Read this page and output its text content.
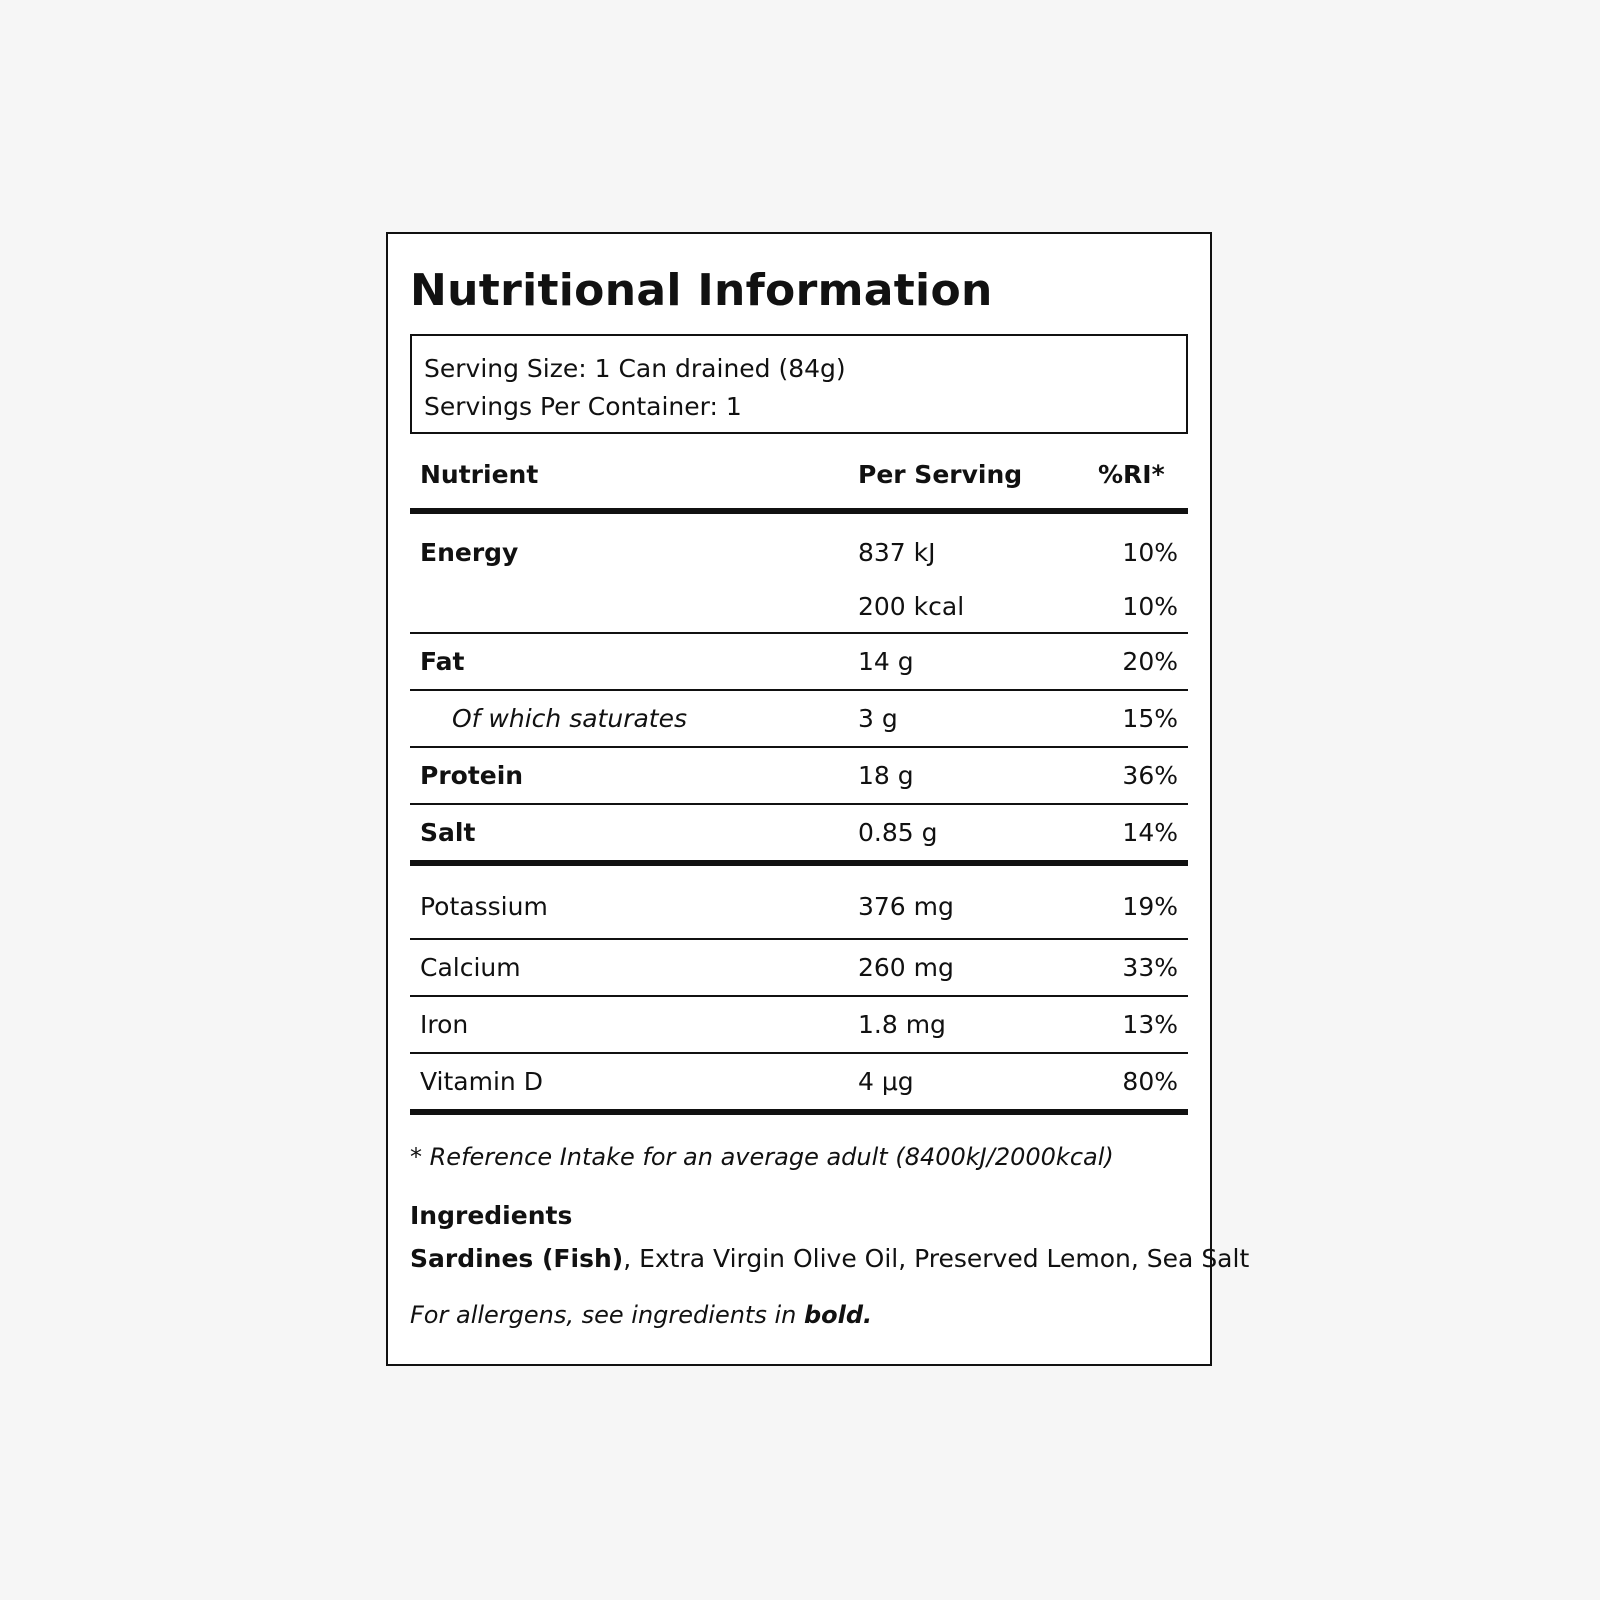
Nutritional Information
Serving Size: 1 Can drained (84g)
Servings Per Container: 1
Nutrient	Per Serving	%RI*
Energy	837 kJ	10%
	200 kcal	10%
Fat	14 g	20%
Of which saturates	3 g	15%
Protein	18 g	36%
Salt	0.85 g	14%
Potassium	376 mg	19%
Calcium	260 mg	33%
Iron	1.8 mg	13%
Vitamin D	4 μg	80%
* Reference Intake for an average adult (8400kJ/2000kcal)
Ingredients
Sardines (Fish), Extra Virgin Olive Oil, Preserved Lemon, Sea Salt
For allergens, see ingredients in bold.
